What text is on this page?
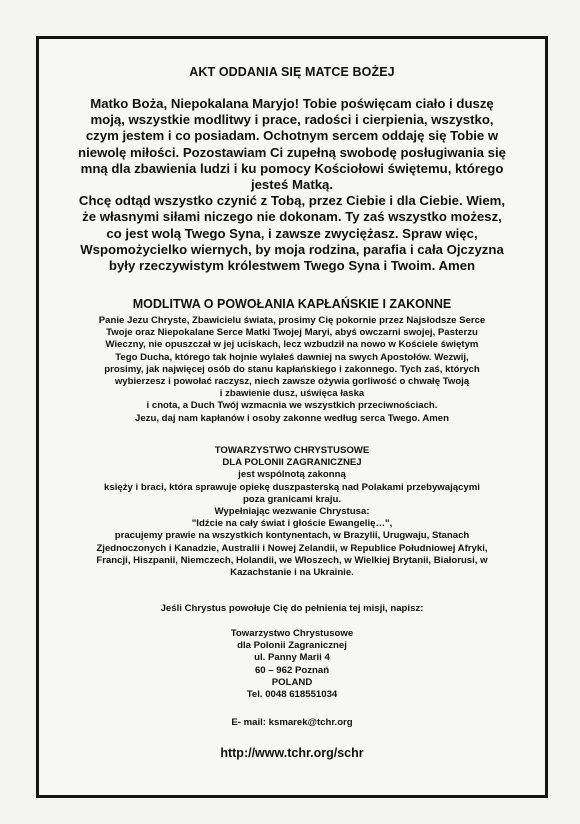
AKT ODDANIA SIĘ MATCE BOŻEJ
Matko Boża, Niepokalana Maryjo! Tobie poświęcam ciało i duszę
moją, wszystkie modlitwy i prace, radości i cierpienia, wszystko,
czym jestem i co posiadam. Ochotnym sercem oddaję się Tobie w
niewolę miłości. Pozostawiam Ci zupełną swobodę posługiwania się
mną dla zbawienia ludzi i ku pomocy Kościołowi świętemu, którego
jesteś Matką.
Chcę odtąd wszystko czynić z Tobą, przez Ciebie i dla Ciebie. Wiem,
że własnymi siłami niczego nie dokonam. Ty zaś wszystko możesz,
co jest wolą Twego Syna, i zawsze zwyciężasz. Spraw więc,
Wspomożycielko wiernych, by moja rodzina, parafia i cała Ojczyzna
były rzeczywistym królestwem Twego Syna i Twoim. Amen
MODLITWA O POWOŁANIA KAPŁAŃSKIE I ZAKONNE
Panie Jezu Chryste, Zbawicielu świata, prosimy Cię pokornie przez Najsłodsze Serce
Twoje oraz Niepokalane Serce Matki Twojej Maryi, abyś owczarni swojej, Pasterzu
Wieczny, nie opuszczał w jej uciskach, lecz wzbudził na nowo w Kościele świętym
Tego Ducha, którego tak hojnie wylałeś dawniej na swych Apostołów. Wezwij,
prosimy, jak najwięcej osób do stanu kapłańskiego i zakonnego. Tych zaś, których
wybierzesz i powołać raczysz, niech zawsze ożywia gorliwość o chwałę Twoją
i zbawienie dusz, uświęca łaska
i cnota, a Duch Twój wzmacnia we wszystkich przeciwnościach.
Jezu, daj nam kapłanów i osoby zakonne według serca Twego. Amen
TOWARZYSTWO CHRYSTUSOWE
DLA POLONII ZAGRANICZNEJ
jest wspólnotą zakonną
księży i braci, która sprawuje opiekę duszpasterską nad Polakami przebywającymi
poza granicami kraju.
Wypełniając wezwanie Chrystusa:
"Idźcie na cały świat i głoście Ewangelię…",
pracujemy prawie na wszystkich kontynentach, w Brazylii, Urugwaju, Stanach
Zjednoczonych i Kanadzie, Australii i Nowej Zelandii, w Republice Południowej Afryki,
Francji, Hiszpanii, Niemczech, Holandii, we Włoszech, w Wielkiej Brytanii, Białorusi, w
Kazachstanie i na Ukrainie.
Jeśli Chrystus powołuje Cię do pełnienia tej misji, napisz:
Towarzystwo Chrystusowe
dla Polonii Zagranicznej
ul. Panny Marii 4
60 – 962 Poznań
POLAND
Tel. 0048 618551034
E- mail: ksmarek@tchr.org
http://www.tchr.org/schr
